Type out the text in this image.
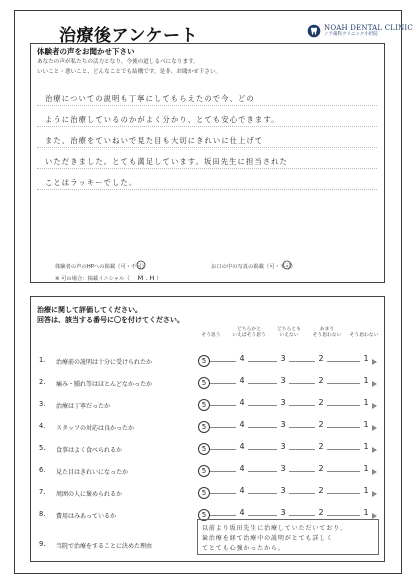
治療後アンケート	NOAH DENTAL CLINIC
ノア歯科クリニック小杉院
体験者の声をお聞かせ下さい
あなたの声が私たちの活力となり、今後の道しるべになります。
いいこと・悪いこと、どんなことでも結構です。是非、お聞かせ下さい。
治療についての説明も丁寧にしてもらえたので今、どの
ように治療しているのかがよく分かり、とても安心できます。
また、治療をていねいで見た目も大切にきれいに仕上げて
いただきました。とても満足しています。坂田先生に担当された
ことはラッキーでした。
体験者の声のHPへの掲載（可・不可）	お口の中の写真の掲載（可・不可）
※ 可の場合：掲載イニシャル（ M.H）
治療に関して評価してください。
回答は、該当する番号に〇を付けてください。
そう思う
どちらかと
いえばそう思う
どちらとも
いえない
あまり
そう思わない	そう思わない
1. 治療前の説明は十分に受けられたか	5	4	3	2	1
2. 痛み・腫れ等はほとんどなかったか	5	4	3	2	1
3. 治療は丁寧だったか	5	4	3	2	1
4. スタッフの対応は良かったか	5	4	3	2	1
5. 食事はよく食べられるか	5	4	3	2	1
6. 見た目はきれいになったか	5	4	3	2	1
7. 周囲の人に褒められるか	5	4	3	2	1
8. 費用はみあっているか	5	4	3	2	1
9. 当院で治療をすることに決めた理由
以前より坂田先生に治療していただいており、
歯治療を経て治療中の説明がとても詳しく
てとても心強かったから。
